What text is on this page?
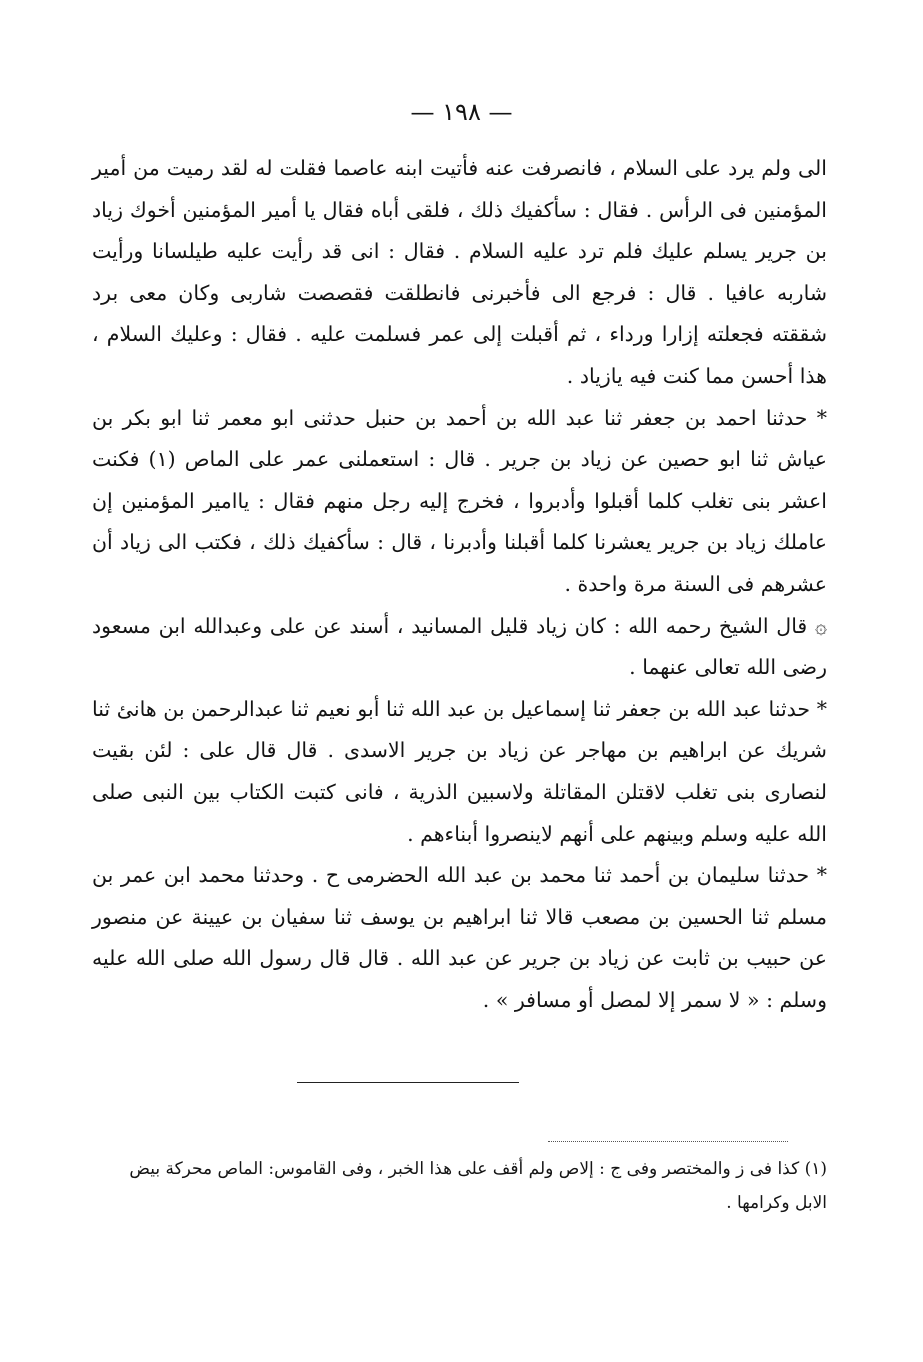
— ١٩٨ —

الى ولم يرد على السلام ، فانصرفت عنه فأتيت ابنه عاصما فقلت له لقد رميت من أمير المؤمنين فى الرأس . فقال : سأكفيك ذلك ، فلقى أباه فقال يا أمير المؤمنين أخوك زياد بن جرير يسلم عليك فلم ترد عليه السلام . فقال : انى قد رأيت عليه طيلسانا ورأيت شاربه عافيا . قال : فرجع الى فأخبرنى فانطلقت فقصصت شاربى وكان معى برد شققته فجعلته إزارا ورداء ، ثم أقبلت إلى عمر فسلمت عليه . فقال : وعليك السلام ، هذا أحسن مما كنت فيه يازياد .

* حدثنا احمد بن جعفر ثنا عبد الله بن أحمد بن حنبل حدثنى ابو معمر ثنا ابو بكر بن عياش ثنا ابو حصين عن زياد بن جرير . قال : استعملنى عمر على الماص (١) فكنت اعشر بنى تغلب كلما أقبلوا وأدبروا ، فخرج إليه رجل منهم فقال : ياامير المؤمنين إن عاملك زياد بن جرير يعشرنا كلما أقبلنا وأدبرنا ، قال : سأكفيك ذلك ، فكتب الى زياد أن عشرهم فى السنة مرة واحدة .

۞ قال الشيخ رحمه الله : كان زياد قليل المسانيد ، أسند عن على وعبدالله ابن مسعود رضى الله تعالى عنهما .

* حدثنا عبد الله بن جعفر ثنا إسماعيل بن عبد الله ثنا أبو نعيم ثنا عبدالرحمن بن هانئ ثنا شريك عن ابراهيم بن مهاجر عن زياد بن جرير الاسدى . قال قال على : لئن بقيت لنصارى بنى تغلب لاقتلن المقاتلة ولاسبين الذرية ، فانى كتبت الكتاب بين النبى صلى الله عليه وسلم وبينهم على أنهم لاينصروا أبناءهم .

* حدثنا سليمان بن أحمد ثنا محمد بن عبد الله الحضرمى ح . وحدثنا محمد ابن عمر بن مسلم ثنا الحسين بن مصعب قالا ثنا ابراهيم بن يوسف ثنا سفيان بن عيينة عن منصور عن حبيب بن ثابت عن زياد بن جرير عن عبد الله . قال قال رسول الله صلى الله عليه وسلم : « لا سمر إلا لمصل أو مسافر » .

(١) كذا فى ز والمختصر وفى ج : إلاص ولم أقف على هذا الخبر ، وفى القاموس: الماص محركة بيض الابل وكرامها .
